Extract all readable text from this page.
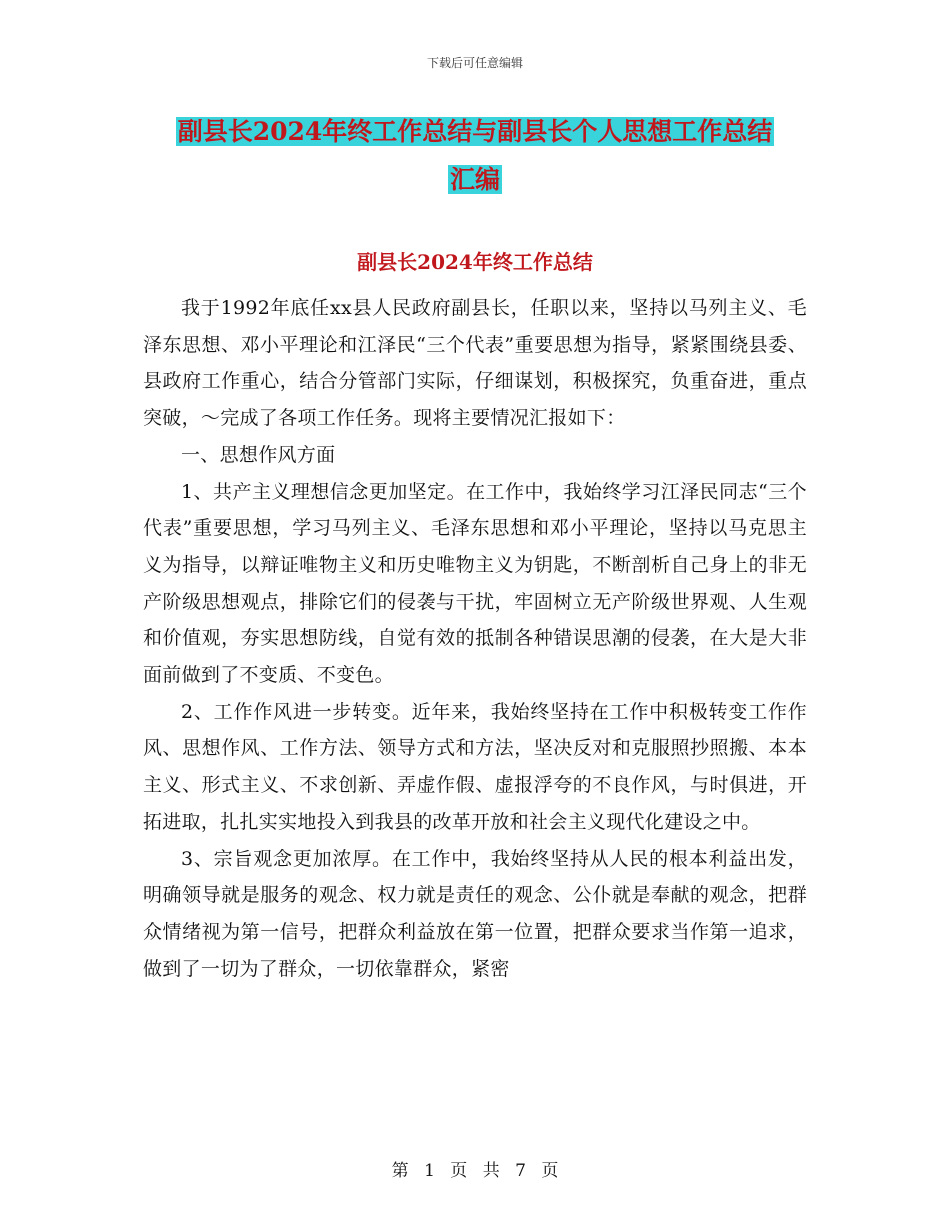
下载后可任意编辑
副县长2024年终工作总结与副县长个人思想工作总结
汇编
副县长2024年终工作总结

我于1992年底任xx县人民政府副县长，任职以来，坚持以马列主义、毛泽东思想、邓小平理论和江泽民“三个代表”重要思想为指导，紧紧围绕县委、县政府工作重心，结合分管部门实际，仔细谋划，积极探究，负重奋进，重点突破，～完成了各项工作任务。现将主要情况汇报如下：

一、思想作风方面

1、共产主义理想信念更加坚定。在工作中，我始终学习江泽民同志“三个代表”重要思想，学习马列主义、毛泽东思想和邓小平理论，坚持以马克思主义为指导，以辩证唯物主义和历史唯物主义为钥匙，不断剖析自己身上的非无产阶级思想观点，排除它们的侵袭与干扰，牢固树立无产阶级世界观、人生观和价值观，夯实思想防线，自觉有效的抵制各种错误思潮的侵袭，在大是大非面前做到了不变质、不变色。

2、工作作风进一步转变。近年来，我始终坚持在工作中积极转变工作作风、思想作风、工作方法、领导方式和方法，坚决反对和克服照抄照搬、本本主义、形式主义、不求创新、弄虚作假、虚报浮夸的不良作风，与时俱进，开拓进取，扎扎实实地投入到我县的改革开放和社会主义现代化建设之中。

3、宗旨观念更加浓厚。在工作中，我始终坚持从人民的根本利益出发，明确领导就是服务的观念、权力就是责任的观念、公仆就是奉献的观念，把群众情绪视为第一信号，把群众利益放在第一位置，把群众要求当作第一追求，做到了一切为了群众，一切依靠群众，紧密

第 1 页 共 7 页
